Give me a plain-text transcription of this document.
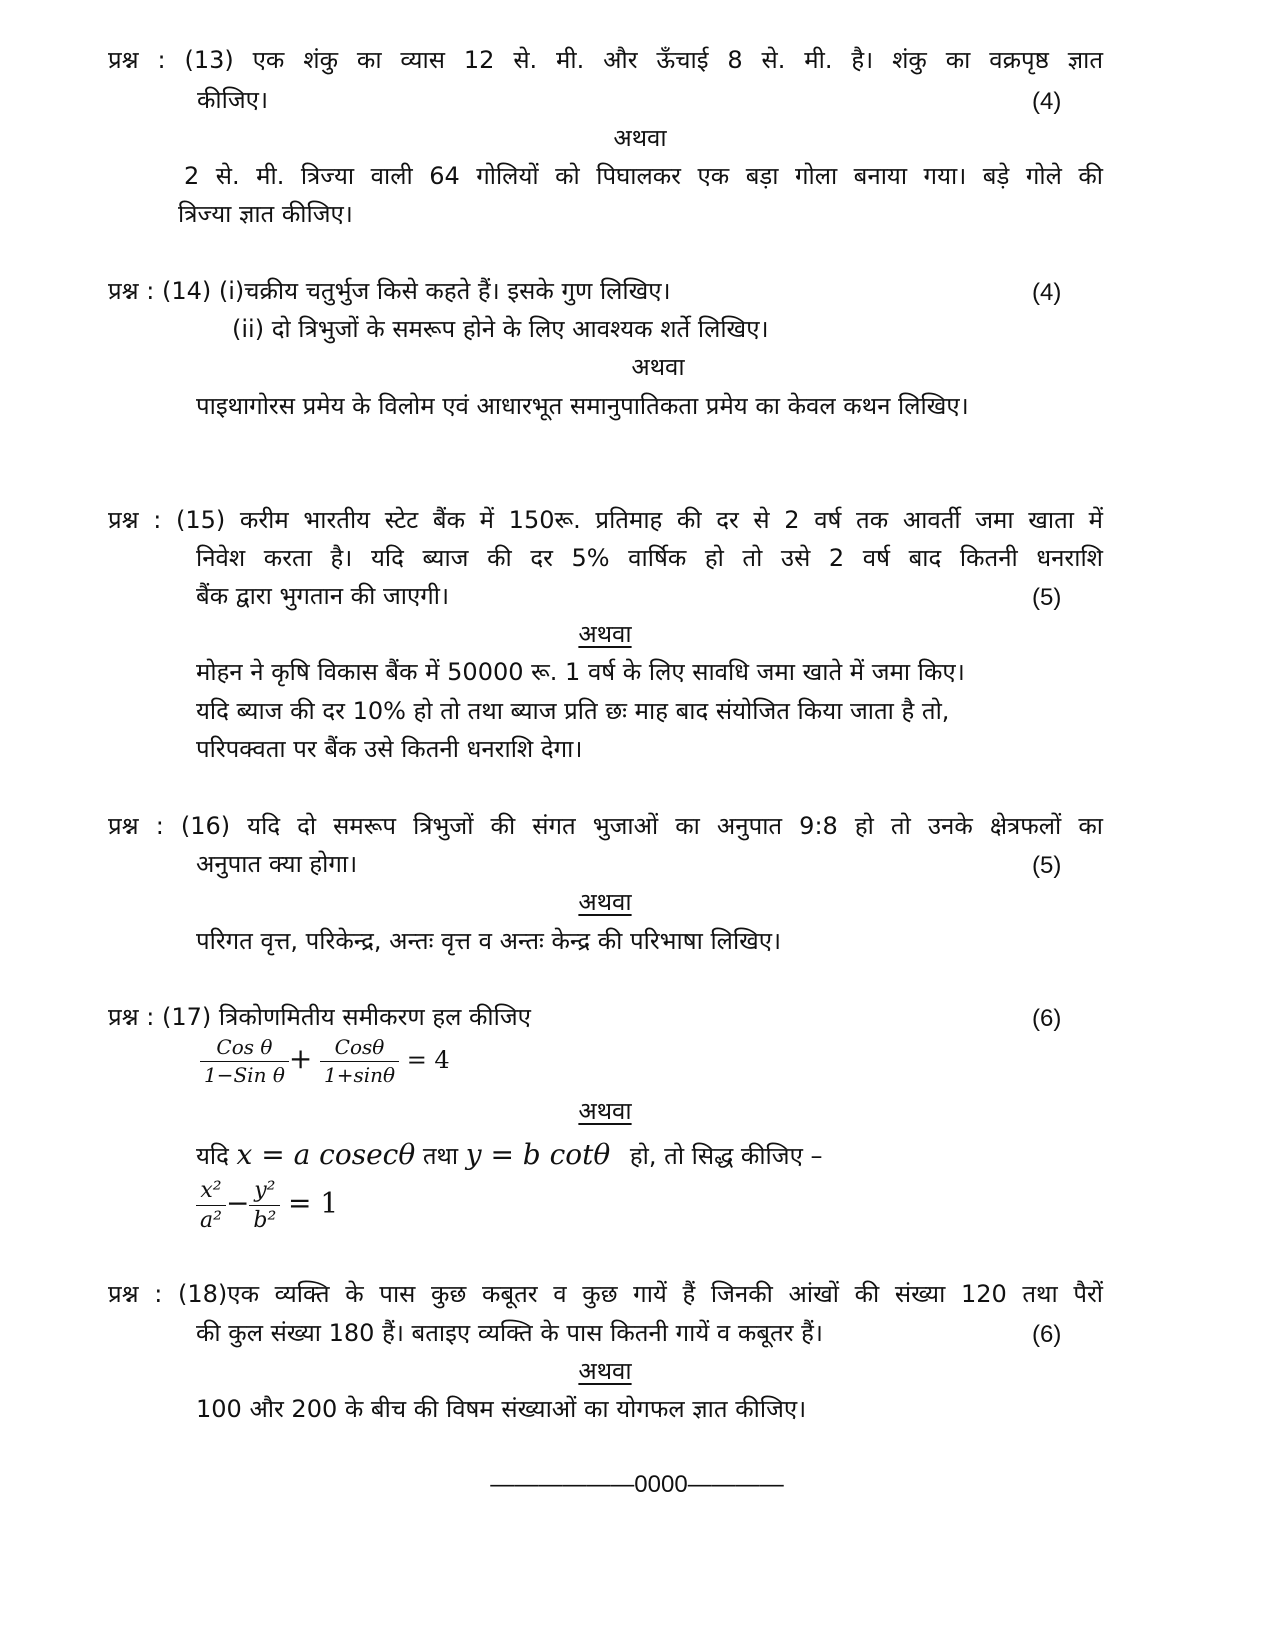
प्रश्न : (13) एक शंकु का व्यास 12 से. मी. और ऊँचाई 8 से. मी. है। शंकु का वक्रपृष्ठ ज्ञात
कीजिए।	(4)
अथवा
2 से. मी. त्रिज्या वाली 64 गोलियों को पिघालकर एक बड़ा गोला बनाया गया। बड़े गोले की
त्रिज्या ज्ञात कीजिए।
प्रश्न : (14) (i)चक्रीय चतुर्भुज किसे कहते हैं। इसके गुण लिखिए।	(4)
(ii) दो त्रिभुजों के समरूप होने के लिए आवश्यक शर्ते लिखिए।
अथवा
पाइथागोरस प्रमेय के विलोम एवं आधारभूत समानुपातिकता प्रमेय का केवल कथन लिखिए।
प्रश्न : (15) करीम भारतीय स्टेट बैंक में 150रू. प्रतिमाह की दर से 2 वर्ष तक आवर्ती जमा खाता में
निवेश करता है। यदि ब्याज की दर 5% वार्षिक हो तो उसे 2 वर्ष बाद कितनी धनराशि
बैंक द्वारा भुगतान की जाएगी।	(5)
अथवा
मोहन ने कृषि विकास बैंक में 50000 रू. 1 वर्ष के लिए सावधि जमा खाते में जमा किए।
यदि ब्याज की दर 10% हो तो तथा ब्याज प्रति छः माह बाद संयोजित किया जाता है तो,
परिपक्वता पर बैंक उसे कितनी धनराशि देगा।
प्रश्न : (16) यदि दो समरूप त्रिभुजों की संगत भुजाओं का अनुपात 9:8 हो तो उनके क्षेत्रफलों का
अनुपात क्या होगा।	(5)
अथवा
परिगत वृत्त, परिकेन्द्र, अन्तः वृत्त व अन्तः केन्द्र की परिभाषा लिखिए।
प्रश्न : (17) त्रिकोणमितीय समीकरण हल कीजिए	(6)
$\frac{\text{Cos θ}}{\text{1−Sin θ}} + \frac{\text{Cosθ}}{1+\sin\theta} = 4$
अथवा
यदि x = a cosecθ तथा y = b cotθ हो, तो सिद्ध कीजिए –
$\frac{\text{x²}}{\text{a²}} - \frac{\text{y²}}{\text{b²}} = 1$
प्रश्न : (18)एक व्यक्ति के पास कुछ कबूतर व कुछ गायें हैं जिनकी आंखों की संख्या 120 तथा पैरों
की कुल संख्या 180 हैं। बताइए व्यक्ति के पास कितनी गायें व कबूतर हैं।	(6)
अथवा
100 और 200 के बीच की विषम संख्याओं का योगफल ज्ञात कीजिए।
——————0000————
